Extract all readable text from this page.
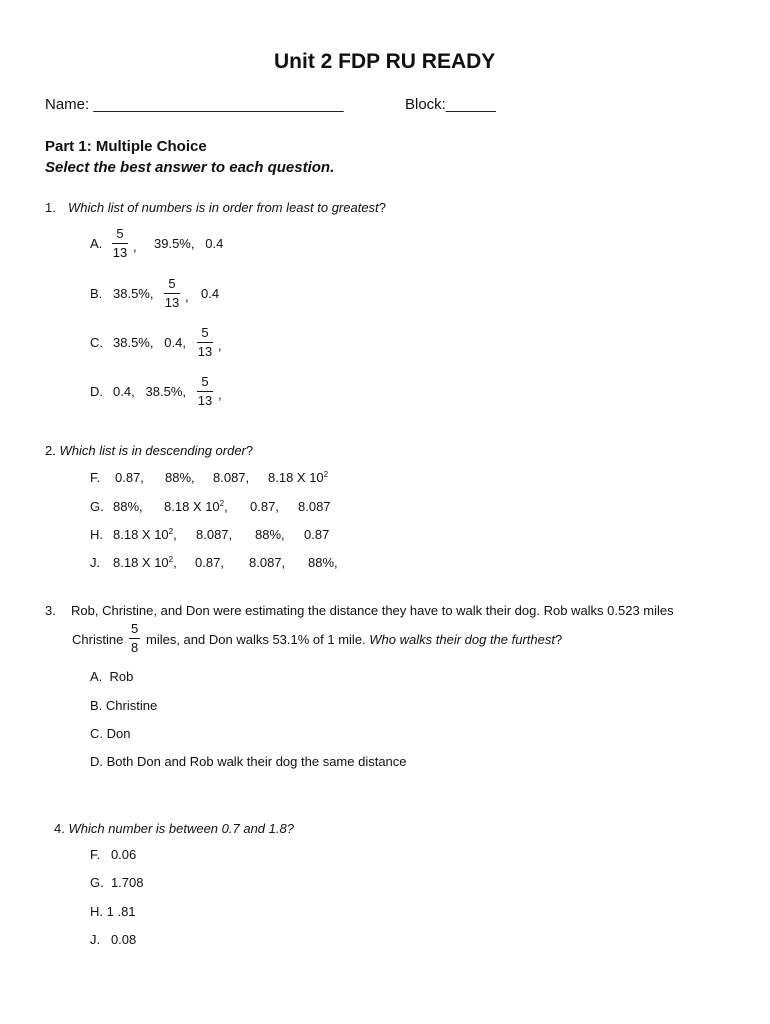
Unit 2 FDP RU READY
Name: ______________________________	Block:______
Part 1: Multiple Choice
Select the best answer to each question.
1. Which list of numbers is in order from least to greatest?
A.
5
13 , 39.5%,   0.4
B. 38.5%,
5
13 , 0.4
C. 38.5%,   0.4,
5
13 ,
D. 0.4,   38.5%,
5
13 ,
2. Which list is in descending order?
F. 0.87, 88%, 8.087, 8.18 X $10^2$
G. 88%, 8.18 X $10^2$, 0.87, 8.087
H. 8.18 X $10^2$, 8.087, 88%, 0.87
J. 8.18 X $10^2$, 0.87, 8.087, 88%,
3. Rob, Christine, and Don were estimating the distance they have to walk their dog. Rob walks 0.523 miles
Christine
5
8
miles, and Don walks 53.1% of 1 mile. Who walks their dog the furthest?
A.  Rob
B. Christine
C. Don
D. Both Don and Rob walk their dog the same distance
4. Which number is between 0.7 and 1.8?
F.   0.06
G.  1.708
H. 1 .81
J.   0.08
